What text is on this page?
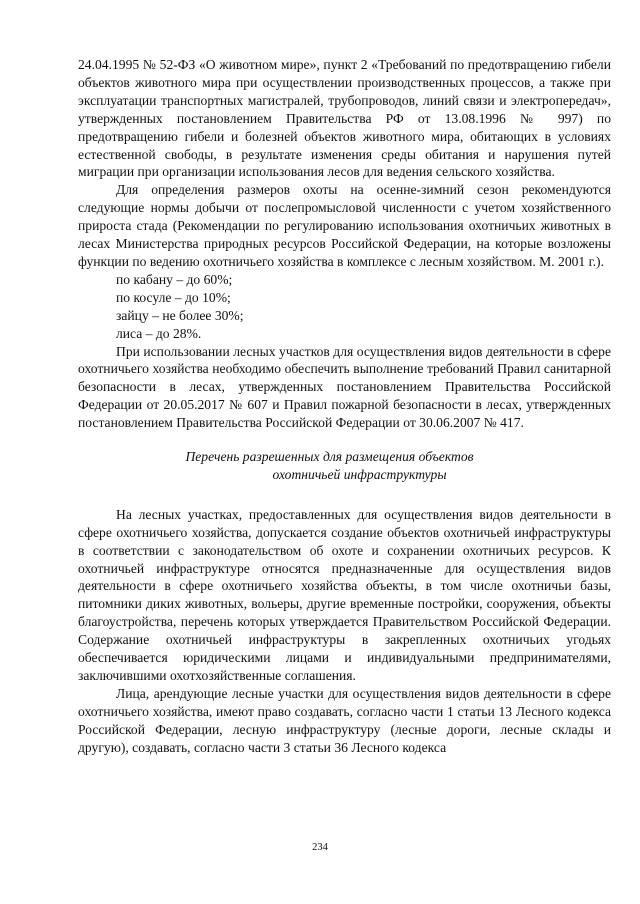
24.04.1995 № 52-ФЗ «О животном мире», пункт 2 «Требований по предотвращению гибели объектов животного мира при осуществлении производственных процессов, а также при эксплуатации транспортных магистралей, трубопроводов, линий связи и электропередач», утвержденных постановлением Правительства РФ от 13.08.1996 № 997) по предотвращению гибели и болезней объектов животного мира, обитающих в условиях естественной свободы, в результате изменения среды обитания и нарушения путей миграции при организации использования лесов для ведения сельского хозяйства.

Для определения размеров охоты на осенне-зимний сезон рекомендуются следующие нормы добычи от послепромысловой численности с учетом хозяйственного прироста стада (Рекомендации по регулированию использования охотничьих животных в лесах Министерства природных ресурсов Российской Федерации, на которые возложены функции по ведению охотничьего хозяйства в комплексе с лесным хозяйством. М. 2001 г.).

по кабану – до 60%;
по косуле – до 10%;
зайцу – не более 30%;
лиса – до 28%.

При использовании лесных участков для осуществления видов деятельности в сфере охотничьего хозяйства необходимо обеспечить выполнение требований Правил санитарной безопасности в лесах, утвержденных постановлением Правительства Российской Федерации от 20.05.2017 № 607 и Правил пожарной безопасности в лесах, утвержденных постановлением Правительства Российской Федерации от 30.06.2007 № 417.

Перечень разрешенных для размещения объектов
охотничьей инфраструктуры

На лесных участках, предоставленных для осуществления видов деятельности в сфере охотничьего хозяйства, допускается создание объектов охотничьей инфраструктуры в соответствии с законодательством об охоте и сохранении охотничьих ресурсов. К охотничьей инфраструктуре относятся предназначенные для осуществления видов деятельности в сфере охотничьего хозяйства объекты, в том числе охотничьи базы, питомники диких животных, вольеры, другие временные постройки, сооружения, объекты благоустройства, перечень которых утверждается Правительством Российской Федерации. Содержание охотничьей инфраструктуры в закрепленных охотничьих угодьях обеспечивается юридическими лицами и индивидуальными предпринимателями, заключившими охотхозяйственные соглашения.

Лица, арендующие лесные участки для осуществления видов деятельности в сфере охотничьего хозяйства, имеют право создавать, согласно части 1 статьи 13 Лесного кодекса Российской Федерации, лесную инфраструктуру (лесные дороги, лесные склады и другую), создавать, согласно части 3 статьи 36 Лесного кодекса

234
